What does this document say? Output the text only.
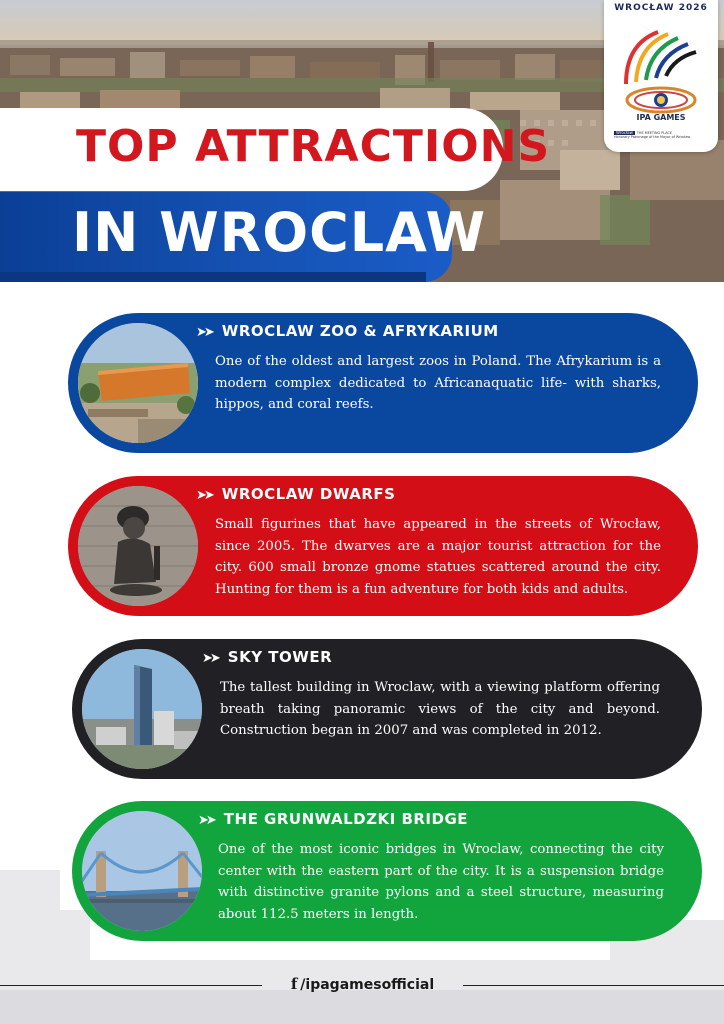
TOP ATTRACTIONS
IN WROCLAW
WROCŁAW 2026
IPA GAMES
Wrocław THE MEETING PLACE
Honorary Patronage of the Mayor of Wrocław
➤➤ WROCLAW ZOO & AFRYKARIUM
One of the oldest and largest zoos in Poland. The Afrykarium is a modern complex dedicated to Africanaquatic life- with sharks, hippos, and coral reefs.
➤➤ WROCLAW DWARFS
Small figurines that have appeared in the streets of Wrocław, since 2005. The dwarves are a major tourist attraction for the city. 600 small bronze gnome statues scattered around the city. Hunting for them is a fun adventure for both kids and adults.
➤➤ SKY TOWER
The tallest building in Wroclaw, with a viewing platform offering breath taking panoramic views of the city and beyond. Construction began in 2007 and was completed in 2012.
➤➤ THE GRUNWALDZKI BRIDGE
One of the most iconic bridges in Wroclaw, connecting the city center with the eastern part of the city. It is a suspension bridge with distinctive granite pylons and a steel structure, measuring about 112.5 meters in length.
f /ipagamesofficial
